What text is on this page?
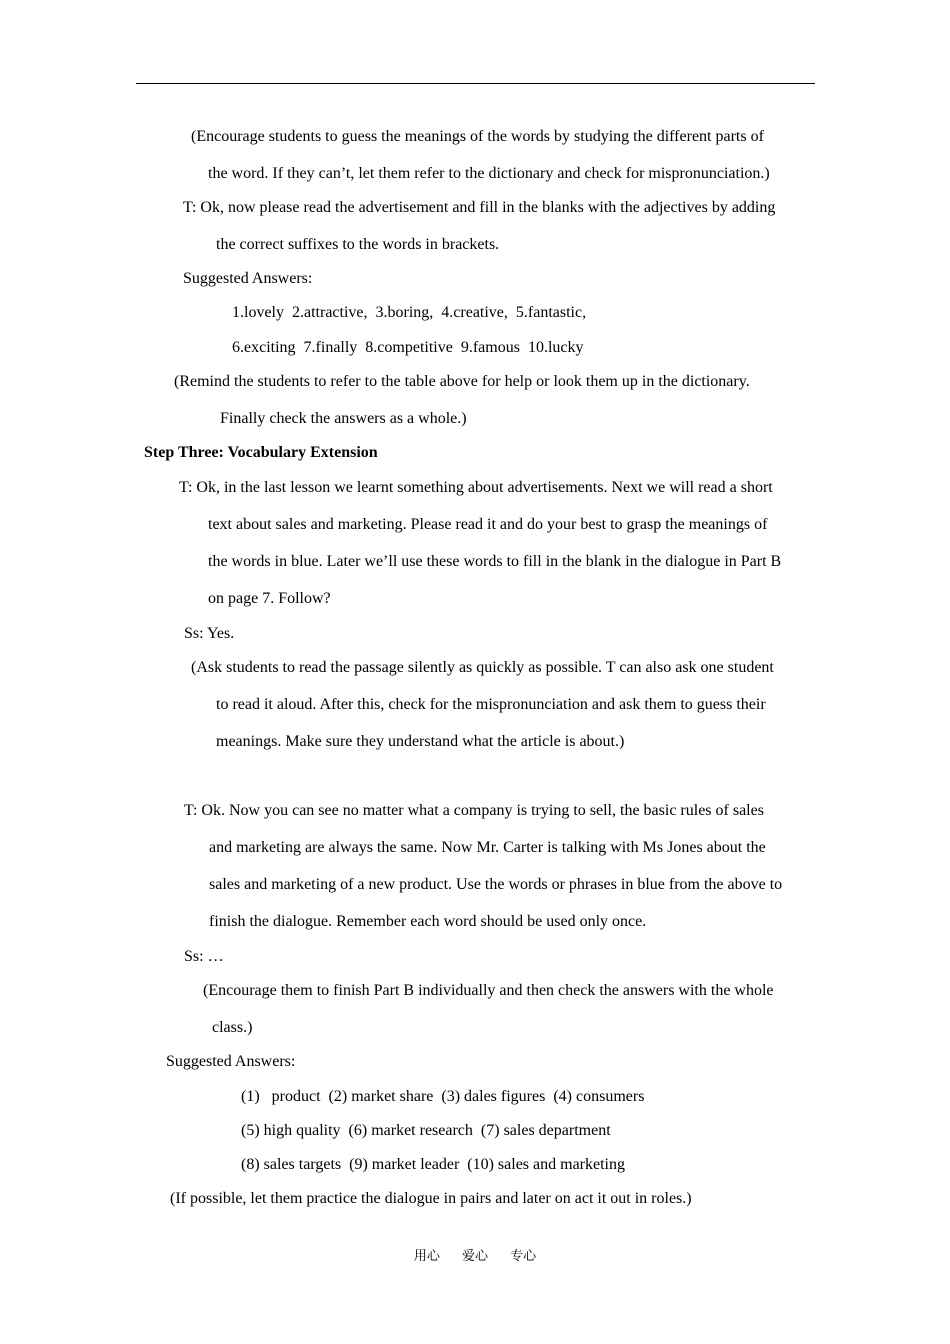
(Encourage students to guess the meanings of the words by studying the different parts of
the word. If they can’t, let them refer to the dictionary and check for mispronunciation.)
T: Ok, now please read the advertisement and fill in the blanks with the adjectives by adding
the correct suffixes to the words in brackets.
Suggested Answers:
1.lovely  2.attractive,  3.boring,  4.creative,  5.fantastic,
6.exciting  7.finally  8.competitive  9.famous  10.lucky
(Remind the students to refer to the table above for help or look them up in the dictionary.
Finally check the answers as a whole.)
Step Three: Vocabulary Extension
T: Ok, in the last lesson we learnt something about advertisements. Next we will read a short
text about sales and marketing. Please read it and do your best to grasp the meanings of
the words in blue. Later we’ll use these words to fill in the blank in the dialogue in Part B
on page 7. Follow?
Ss: Yes.
(Ask students to read the passage silently as quickly as possible. T can also ask one student
to read it aloud. After this, check for the mispronunciation and ask them to guess their
meanings. Make sure they understand what the article is about.)
T: Ok. Now you can see no matter what a company is trying to sell, the basic rules of sales
and marketing are always the same. Now Mr. Carter is talking with Ms Jones about the
sales and marketing of a new product. Use the words or phrases in blue from the above to
finish the dialogue. Remember each word should be used only once.
Ss: …
(Encourage them to finish Part B individually and then check the answers with the whole
class.)
Suggested Answers:
(1)   product  (2) market share  (3) dales figures  (4) consumers
(5) high quality  (6) market research  (7) sales department
(8) sales targets  (9) market leader  (10) sales and marketing
(If possible, let them practice the dialogue in pairs and later on act it out in roles.)
用心 爱心 专心
